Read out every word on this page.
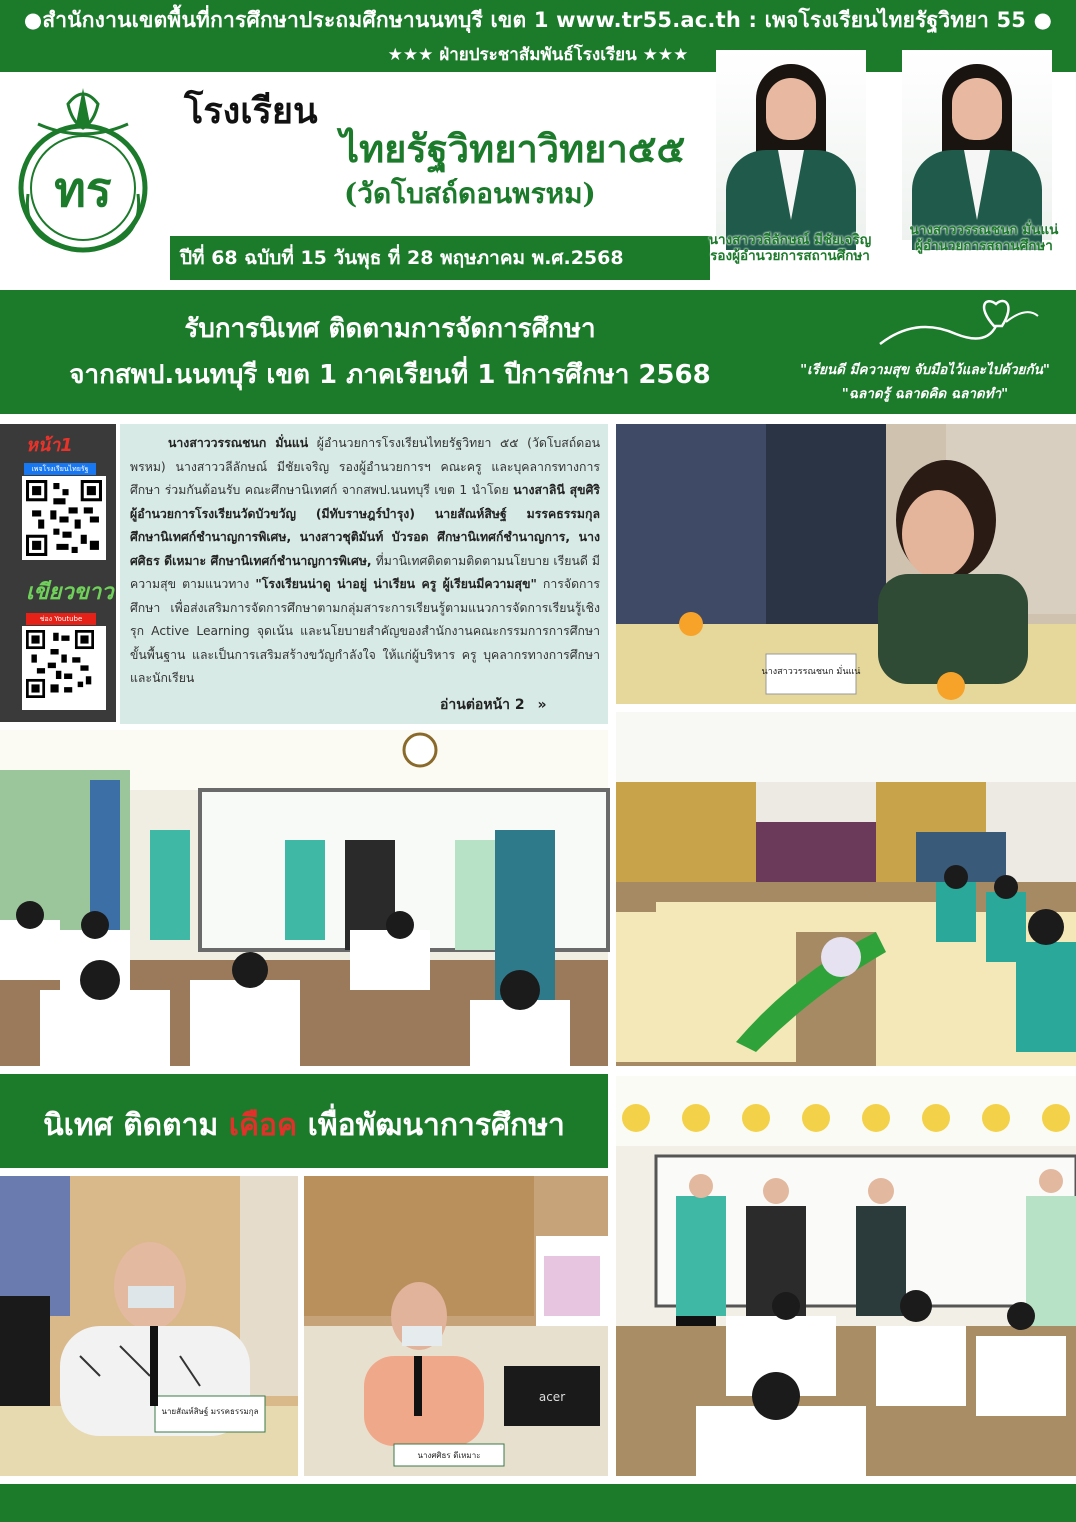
●สำนักงานเขตพื้นที่การศึกษาประถมศึกษานนทบุรี เขต 1 www.tr55.ac.th : เพจโรงเรียนไทยรัฐวิทยา 55 ●
★★★ ฝ่ายประชาสัมพันธ์โรงเรียน ★★★
ทร
โรงเรียน
ไทยรัฐวิทยาวิทยา๕๕
(วัดโบสถ์ดอนพรหม)
ปีที่ 68 ฉบับที่ 15 วันพุธ ที่ 28 พฤษภาคม พ.ศ.2568
นางสาววลีลักษณ์ มีชัยเจริญ
รองผู้อำนวยการสถานศึกษา
นางสาววรรณชนก มั่นแน่
ผู้อำนวยการสถานศึกษา
รับการนิเทศ ติดตามการจัดการศึกษา
จากสพป.นนทบุรี เขต 1 ภาคเรียนที่ 1 ปีการศึกษา 2568	"เรียนดี มีความสุข จับมือไว้และไปด้วยกัน"
"ฉลาดรู้ ฉลาดคิด ฉลาดทำ"
หน้า1
เพจโรงเรียนไทยรัฐ
เขียวขาว
ช่อง Youtube
นางสาววรรณชนก มั่นแน่ ผู้อำนวยการโรงเรียนไทยรัฐวิทยา ๕๕ (วัดโบสถ์ดอนพรหม) นางสาววลีลักษณ์ มีชัยเจริญ รองผู้อำนวยการฯ คณะครู และบุคลากรทางการศึกษา ร่วมกันต้อนรับ คณะศึกษานิเทศก์ จากสพป.นนทบุรี เขต 1 นำโดย นางสาลินี สุขศิริ ผู้อำนวยการโรงเรียนวัดบัวขวัญ (มีทับราษฎร์บำรุง) นายสัณห์สิษฐ์ มรรคธรรมกุล ศึกษานิเทศก์ชำนาญการพิเศษ, นางสาวชุติมันท์ บัวรอด ศึกษานิเทศก์ชำนาญการ, นางศศิธร ดีเหมาะ ศึกษานิเทศก์ชำนาญการพิเศษ, ที่มานิเทศติดตามติดตามนโยบาย เรียนดี มีความสุข ตามแนวทาง "โรงเรียนน่าดู น่าอยู่ น่าเรียน ครู ผู้เรียนมีความสุข" การจัดการศึกษา เพื่อส่งเสริมการจัดการศึกษาตามกลุ่มสาระการเรียนรู้ตามแนวการจัดการเรียนรู้เชิงรุก Active Learning จุดเน้น และนโยบายสำคัญของสำนักงานคณะกรรมการการศึกษาขั้นพื้นฐาน และเป็นการเสริมสร้างขวัญกำลังใจ ให้แก่ผู้บริหาร ครู บุคลากรทางการศึกษาและนักเรียน
อ่านต่อหน้า 2 »
นางสาววรรณชนก มั่นแน่
นิเทศ ติดตาม เคือค เพื่อพัฒนาการศึกษา
นายสัณห์สิษฐ์ มรรคธรรมกุล
acer
นางศศิธร ดีเหมาะ
